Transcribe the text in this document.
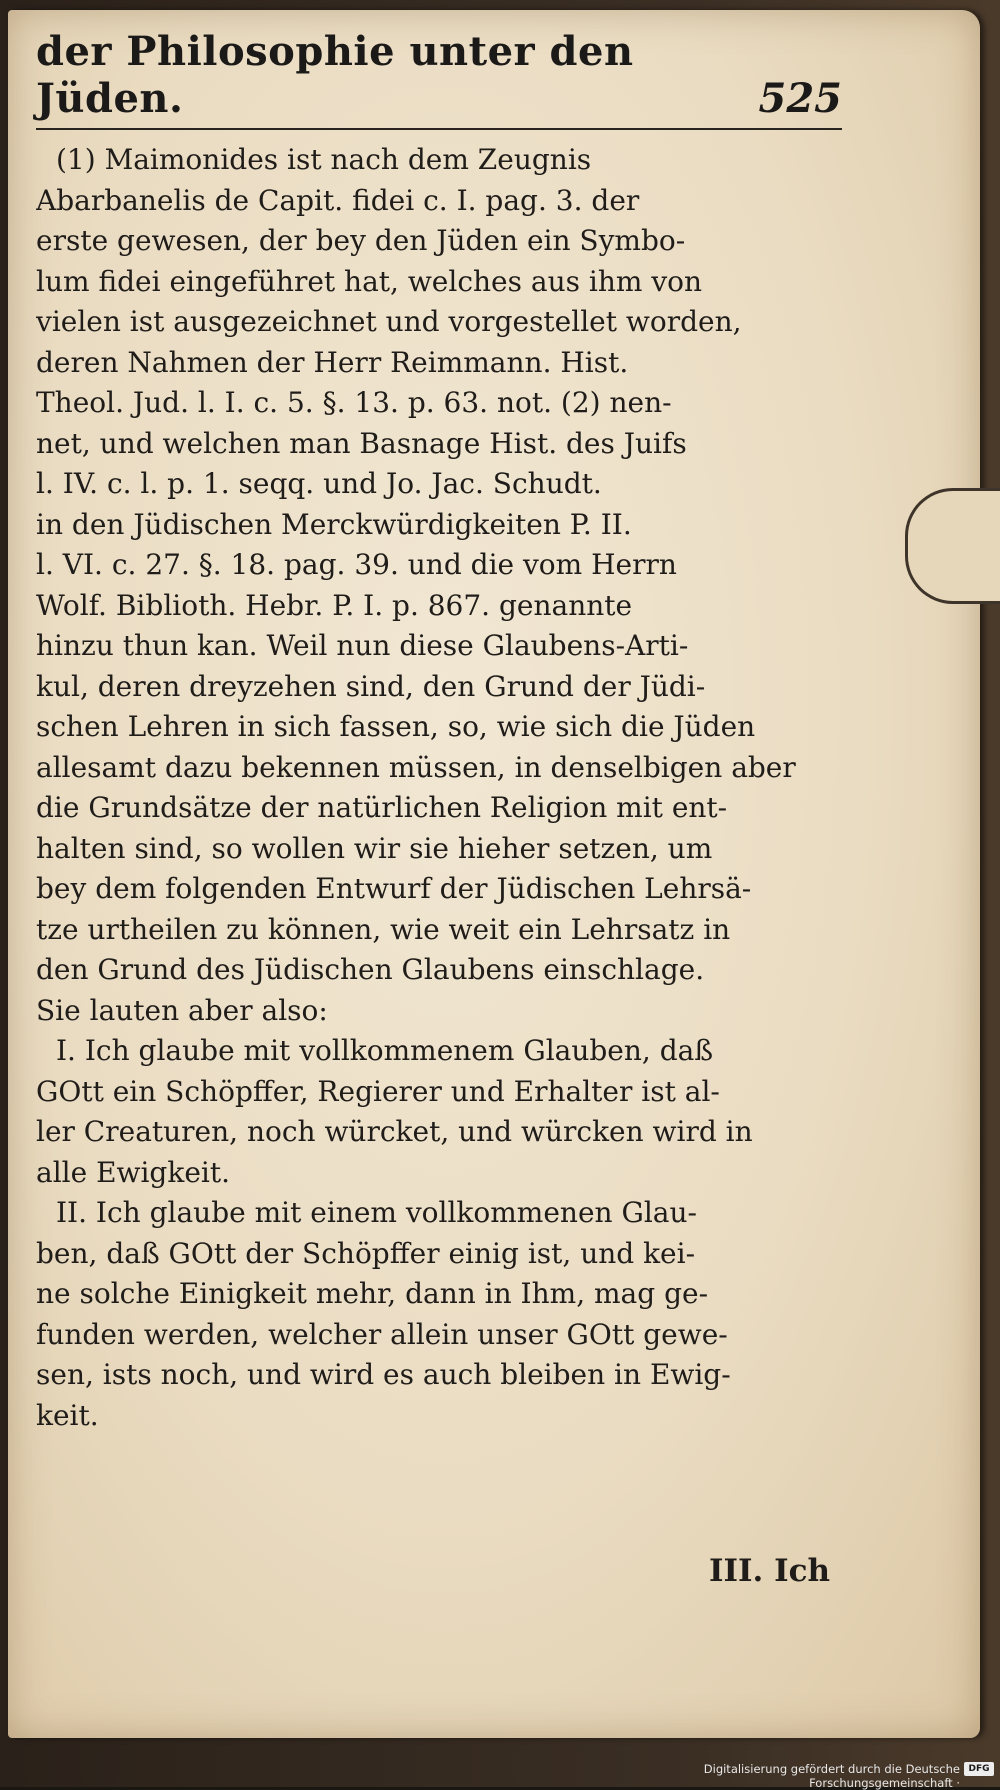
der Philosophie unter den Jüden.	525
(1) Maimonides ist nach dem Zeugnis
Abarbanelis de Capit. fidei c. I. pag. 3. der
erste gewesen, der bey den Jüden ein Symbo-
lum fidei eingeführet hat, welches aus ihm von
vielen ist ausgezeichnet und vorgestellet worden,
deren Nahmen der Herr Reimmann. Hist.
Theol. Jud. l. I. c. 5. §. 13. p. 63. not. (2) nen-
net, und welchen man Basnage Hist. des Juifs
l. IV. c. l. p. 1. seqq. und Jo. Jac. Schudt.
in den Jüdischen Merckwürdigkeiten P. II.
l. VI. c. 27. §. 18. pag. 39. und die vom Herrn
Wolf. Biblioth. Hebr. P. I. p. 867. genannte
hinzu thun kan. Weil nun diese Glaubens-Arti-
kul, deren dreyzehen sind, den Grund der Jüdi-
schen Lehren in sich fassen, so, wie sich die Jüden
allesamt dazu bekennen müssen, in denselbigen aber
die Grundsätze der natürlichen Religion mit ent-
halten sind, so wollen wir sie hieher setzen, um
bey dem folgenden Entwurf der Jüdischen Lehrsä-
tze urtheilen zu können, wie weit ein Lehrsatz in
den Grund des Jüdischen Glaubens einschlage.
Sie lauten aber also:
I. Ich glaube mit vollkommenem Glauben, daß
GOtt ein Schöpffer, Regierer und Erhalter ist al-
ler Creaturen, noch würcket, und würcken wird in
alle Ewigkeit.
II. Ich glaube mit einem vollkommenen Glau-
ben, daß GOtt der Schöpffer einig ist, und kei-
ne solche Einigkeit mehr, dann in Ihm, mag ge-
funden werden, welcher allein unser GOtt gewe-
sen, ists noch, und wird es auch bleiben in Ewig-
keit.
III. Ich
Digitalisierung gefördert durch die Deutsche Forschungsgemeinschaft ·
DFG
